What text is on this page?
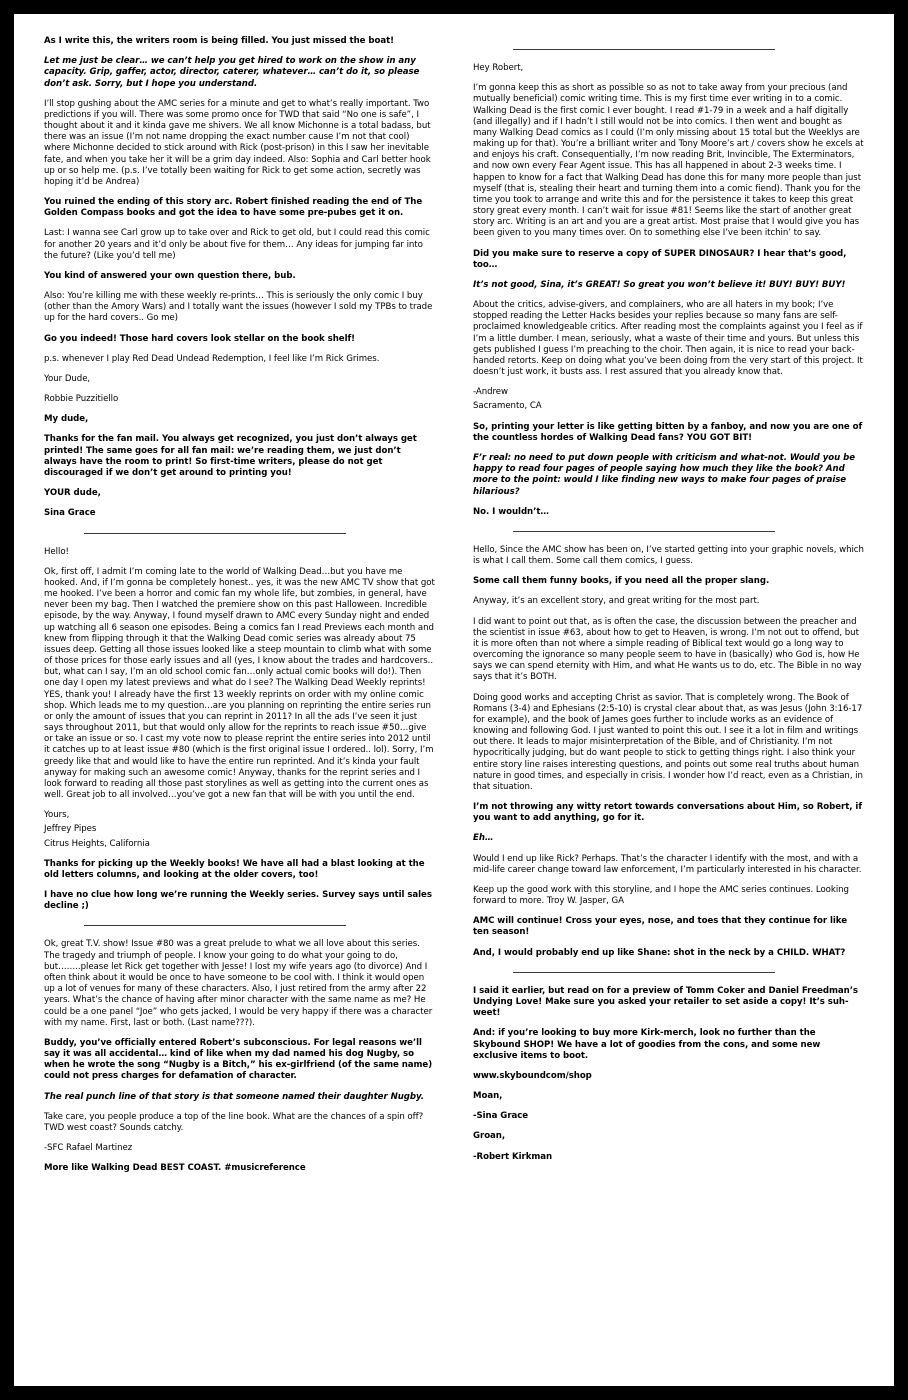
As I write this, the writers room is being filled. You just missed the boat!

Let me just be clear… we can’t help you get hired to work on the show in any capacity. Grip, gaffer, actor, director, caterer, whatever… can’t do it, so please don’t ask. Sorry, but I hope you understand.

I’ll stop gushing about the AMC series for a minute and get to what’s really important. Two predictions if you will. There was some promo once for TWD that said “No one is safe”, I thought about it and it kinda gave me shivers. We all know Michonne is a total badass, but there was an issue (I’m not name dropping the exact number cause I’m not that cool) where Michonne decided to stick around with Rick (post-prison) in this I saw her inevitable fate, and when you take her it will be a grim day indeed. Also: Sophia and Carl better hook up or so help me. (p.s. I’ve totally been waiting for Rick to get some action, secretly was hoping it’d be Andrea)

You ruined the ending of this story arc. Robert finished reading the end of The Golden Compass books and got the idea to have some pre-pubes get it on.

Last: I wanna see Carl grow up to take over and Rick to get old, but I could read this comic for another 20 years and it’d only be about five for them… Any ideas for jumping far into the future? (Like you’d tell me)

You kind of answered your own question there, bub.

Also: You’re killing me with these weekly re-prints… This is seriously the only comic I buy (other than the Amory Wars) and I totally want the issues (however I sold my TPBs to trade up for the hard covers.. Go me)

Go you indeed! Those hard covers look stellar on the book shelf!

p.s. whenever I play Red Dead Undead Redemption, I feel like I’m Rick Grimes.

Your Dude,

Robbie Puzzitiello

My dude,

Thanks for the fan mail. You always get recognized, you just don’t always get printed! The same goes for all fan mail: we’re reading them, we just don’t always have the room to print! So first-time writers, please do not get discouraged if we don’t get around to printing you!

YOUR dude,

Sina Grace

Hello!

Ok, first off, I admit I’m coming late to the world of Walking Dead…but you have me hooked. And, if I’m gonna be completely honest.. yes, it was the new AMC TV show that got me hooked. I’ve been a horror and comic fan my whole life, but zombies, in general, have never been my bag. Then I watched the premiere show on this past Halloween. Incredible episode, by the way. Anyway, I found myself drawn to AMC every Sunday night and ended up watching all 6 season one episodes. Being a comics fan I read Previews each month and knew from flipping through it that the Walking Dead comic series was already about 75 issues deep. Getting all those issues looked like a steep mountain to climb what with some of those prices for those early issues and all (yes, I know about the trades and hardcovers.. but, what can I say, I’m an old school comic fan…only actual comic books will do!). Then one day I open my latest previews and what do I see? The Walking Dead Weekly reprints! YES, thank you! I already have the first 13 weekly reprints on order with my online comic shop. Which leads me to my question…are you planning on reprinting the entire series run or only the amount of issues that you can reprint in 2011? In all the ads I’ve seen it just says throughout 2011, but that would only allow for the reprints to reach issue #50…give or take an issue or so. I cast my vote now to please reprint the entire series into 2012 until it catches up to at least issue #80 (which is the first original issue I ordered.. lol). Sorry, I’m greedy like that and would like to have the entire run reprinted. And it’s kinda your fault anyway for making such an awesome comic! Anyway, thanks for the reprint series and I look forward to reading all those past storylines as well as getting into the current ones as well. Great job to all involved…you’ve got a new fan that will be with you until the end.

Yours,

Jeffrey Pipes

Citrus Heights, California

Thanks for picking up the Weekly books! We have all had a blast looking at the old letters columns, and looking at the older covers, too!

I have no clue how long we’re running the Weekly series. Survey says until sales decline ;)

Ok, great T.V. show! Issue #80 was a great prelude to what we all love about this series. The tragedy and triumph of people. I know your going to do what your going to do, but……..please let Rick get together with Jesse! I lost my wife years ago (to divorce) And I often think about it would be once to have someone to be cool with. I think it would open up a lot of venues for many of these characters. Also, I just retired from the army after 22 years. What’s the chance of having after minor character with the same name as me? He could be a one panel “Joe” who gets jacked, I would be very happy if there was a character with my name. First, last or both. (Last name???).

Buddy, you’ve officially entered Robert’s subconscious. For legal reasons we’ll say it was all accidental… kind of like when my dad named his dog Nugby, so when he wrote the song “Nugby is a Bitch,” his ex-girlfriend (of the same name) could not press charges for defamation of character.

The real punch line of that story is that someone named their daughter Nugby.

Take care, you people produce a top of the line book. What are the chances of a spin off? TWD west coast? Sounds catchy.

-SFC Rafael Martinez

More like Walking Dead BEST COAST. #musicreference

Hey Robert,

I’m gonna keep this as short as possible so as not to take away from your precious (and mutually beneficial) comic writing time. This is my first time ever writing in to a comic. Walking Dead is the first comic I ever bought. I read #1-79 in a week and a half digitally (and illegally) and if I hadn’t I still would not be into comics. I then went and bought as many Walking Dead comics as I could (I’m only missing about 15 total but the Weeklys are making up for that). You’re a brilliant writer and Tony Moore’s art / covers show he excels at and enjoys his craft. Consequentially, I’m now reading Brit, Invincible, The Exterminators, and now own every Fear Agent issue. This has all happened in about 2-3 weeks time. I happen to know for a fact that Walking Dead has done this for many more people than just myself (that is, stealing their heart and turning them into a comic fiend). Thank you for the time you took to arrange and write this and for the persistence it takes to keep this great story great every month. I can’t wait for issue #81! Seems like the start of another great story arc. Writing is an art and you are a great artist. Most praise that I would give you has been given to you many times over. On to something else I’ve been itchin’ to say.

Did you make sure to reserve a copy of SUPER DINOSAUR? I hear that’s good, too…

It’s not good, Sina, it’s GREAT! So great you won’t believe it! BUY! BUY! BUY!

About the critics, advise-givers, and complainers, who are all haters in my book; I’ve stopped reading the Letter Hacks besides your replies because so many fans are self-proclaimed knowledgeable critics. After reading most the complaints against you I feel as if I’m a little dumber. I mean, seriously, what a waste of their time and yours. But unless this gets published I guess I’m preaching to the choir. Then again, it is nice to read your back-handed retorts. Keep on doing what you’ve been doing from the very start of this project. It doesn’t just work, it busts ass. I rest assured that you already know that.

-Andrew

Sacramento, CA

So, printing your letter is like getting bitten by a fanboy, and now you are one of the countless hordes of Walking Dead fans? YOU GOT BIT!

F’r real: no need to put down people with criticism and what-not. Would you be happy to read four pages of people saying how much they like the book? And more to the point: would I like finding new ways to make four pages of praise hilarious?

No. I wouldn’t…

Hello, Since the AMC show has been on, I’ve started getting into your graphic novels, which is what I call them. Some call them comics, I guess.

Some call them funny books, if you need all the proper slang.

Anyway, it’s an excellent story, and great writing for the most part.

I did want to point out that, as is often the case, the discussion between the preacher and the scientist in issue #63, about how to get to Heaven, is wrong. I’m not out to offend, but it is more often than not where a simple reading of Biblical text would go a long way to overcoming the ignorance so many people seem to have in (basically) who God is, how He says we can spend eternity with Him, and what He wants us to do, etc. The Bible in no way says that it’s BOTH.

Doing good works and accepting Christ as savior. That is completely wrong. The Book of Romans (3-4) and Ephesians (2:5-10) is crystal clear about that, as was Jesus (John 3:16-17 for example), and the book of James goes further to include works as an evidence of knowing and following God. I just wanted to point this out. I see it a lot in film and writings out there. It leads to major misinterpretation of the Bible, and of Christianity. I’m not hypocritically judging, but do want people to stick to getting things right. I also think your entire story line raises interesting questions, and points out some real truths about human nature in good times, and especially in crisis. I wonder how I’d react, even as a Christian, in that situation.

I’m not throwing any witty retort towards conversations about Him, so Robert, if you want to add anything, go for it.

Eh…

Would I end up like Rick? Perhaps. That’s the character I identify with the most, and with a mid-life career change toward law enforcement, I’m particularly interested in his character.

Keep up the good work with this storyline, and I hope the AMC series continues. Looking forward to more. Troy W. Jasper, GA

AMC will continue! Cross your eyes, nose, and toes that they continue for like ten season!

And, I would probably end up like Shane: shot in the neck by a CHILD. WHAT?

I said it earlier, but read on for a preview of Tomm Coker and Daniel Freedman’s Undying Love! Make sure you asked your retailer to set aside a copy! It’s suh-weet!

And: if you’re looking to buy more Kirk-merch, look no further than the Skybound SHOP! We have a lot of goodies from the cons, and some new exclusive items to boot.

www.skyboundcom/shop

Moan,

-Sina Grace

Groan,

-Robert Kirkman
